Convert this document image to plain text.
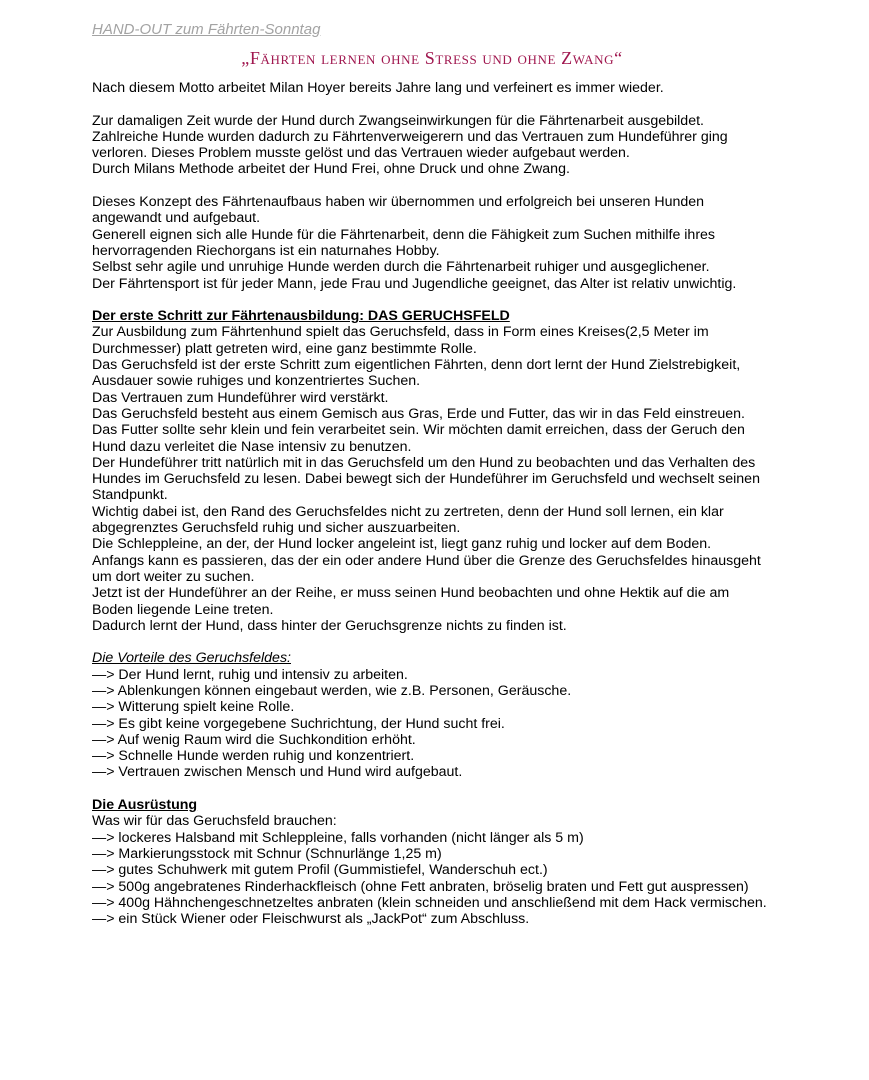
HAND-OUT zum Fährten-Sonntag

„Fährten lernen ohne Stress und ohne Zwang“

Nach diesem Motto arbeitet Milan Hoyer bereits Jahre lang und verfeinert es immer wieder.

Zur damaligen Zeit wurde der Hund durch Zwangseinwirkungen für die Fährtenarbeit ausgebildet.

Zahlreiche Hunde wurden dadurch zu Fährtenverweigerern und das Vertrauen zum Hundeführer ging verloren. Dieses Problem musste gelöst und das Vertrauen wieder aufgebaut werden.

Durch Milans Methode arbeitet der Hund Frei, ohne Druck und ohne Zwang.

Dieses Konzept des Fährtenaufbaus haben wir übernommen und erfolgreich bei unseren Hunden angewandt und aufgebaut.

Generell eignen sich alle Hunde für die Fährtenarbeit, denn die Fähigkeit zum Suchen mithilfe ihres hervorragenden Riechorgans ist ein naturnahes Hobby.

Selbst sehr agile und unruhige Hunde werden durch die Fährtenarbeit ruhiger und ausgeglichener.

Der Fährtensport ist für jeder Mann, jede Frau und Jugendliche geeignet, das Alter ist relativ unwichtig.

Der erste Schritt zur Fährtenausbildung: DAS GERUCHSFELD

Zur Ausbildung zum Fährtenhund spielt das Geruchsfeld, dass in Form eines Kreises(2,5 Meter im Durchmesser) platt getreten wird, eine ganz bestimmte Rolle.

Das Geruchsfeld ist der erste Schritt zum eigentlichen Fährten, denn dort lernt der Hund Zielstrebigkeit, Ausdauer sowie ruhiges und konzentriertes Suchen.

Das Vertrauen zum Hundeführer wird verstärkt.

Das Geruchsfeld besteht aus einem Gemisch aus Gras, Erde und Futter, das wir in das Feld einstreuen.

Das Futter sollte sehr klein und fein verarbeitet sein. Wir möchten damit erreichen, dass der Geruch den Hund dazu verleitet die Nase intensiv zu benutzen.

Der Hundeführer tritt natürlich mit in das Geruchsfeld um den Hund zu beobachten und das Verhalten des Hundes im Geruchsfeld zu lesen. Dabei bewegt sich der Hundeführer im Geruchsfeld und wechselt seinen Standpunkt.

Wichtig dabei ist, den Rand des Geruchsfeldes nicht zu zertreten, denn der Hund soll lernen, ein klar abgegrenztes Geruchsfeld ruhig und sicher auszuarbeiten.

Die Schleppleine, an der, der Hund locker angeleint ist, liegt ganz ruhig und locker auf dem Boden.

Anfangs kann es passieren, das der ein oder andere Hund über die Grenze des Geruchsfeldes hinausgeht um dort weiter zu suchen.

Jetzt ist der Hundeführer an der Reihe, er muss seinen Hund beobachten und ohne Hektik auf die am Boden liegende Leine treten.

Dadurch lernt der Hund, dass hinter der Geruchsgrenze nichts zu finden ist.

Die Vorteile des Geruchsfeldes:

—> Der Hund lernt, ruhig und intensiv zu arbeiten.
—> Ablenkungen können eingebaut werden, wie z.B. Personen, Geräusche.
—> Witterung spielt keine Rolle.
—> Es gibt keine vorgegebene Suchrichtung, der Hund sucht frei.
—> Auf wenig Raum wird die Suchkondition erhöht.
—> Schnelle Hunde werden ruhig und konzentriert.
—> Vertrauen zwischen Mensch und Hund wird aufgebaut.

Die Ausrüstung

Was wir für das Geruchsfeld brauchen:

—> lockeres Halsband mit Schleppleine, falls vorhanden (nicht länger als 5 m)
—> Markierungsstock mit Schnur (Schnurlänge 1,25 m)
—> gutes Schuhwerk mit gutem Profil (Gummistiefel, Wanderschuh ect.)
—> 500g angebratenes Rinderhackfleisch (ohne Fett anbraten, bröselig braten und Fett gut auspressen)
—> 400g Hähnchengeschnetzeltes anbraten (klein schneiden und anschließend mit dem Hack vermischen.
—> ein Stück Wiener oder Fleischwurst als „JackPot“ zum Abschluss.
